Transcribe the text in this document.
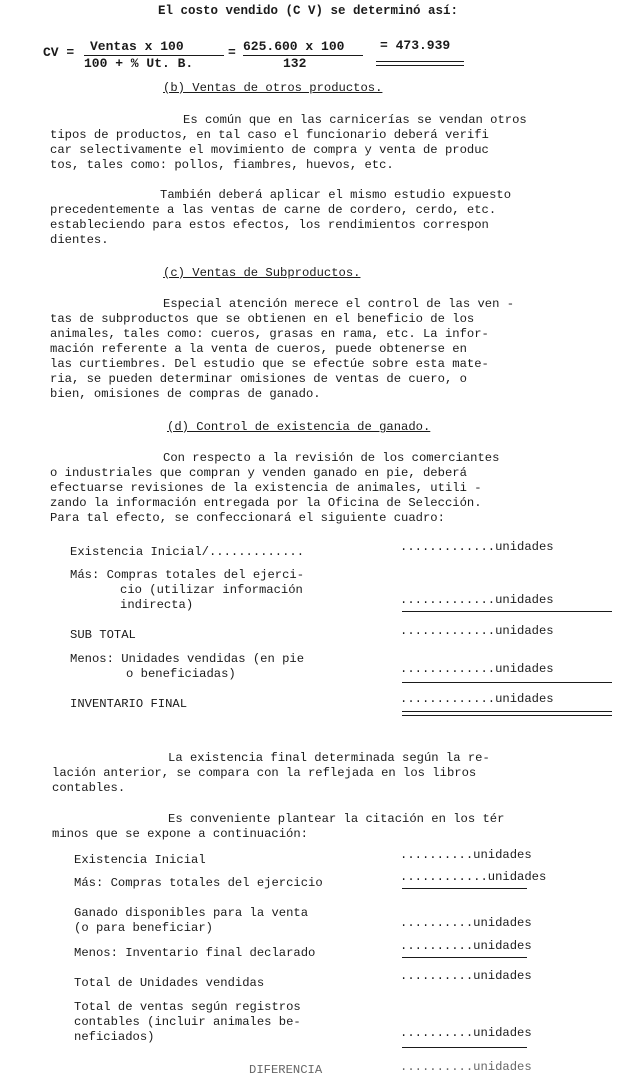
El costo vendido (C V) se determinó así:
CV = Ventas x 100
100 + % Ut. B.
= 625.600 x 100
132
= 473.939
(b) Ventas de otros productos.
Es común que en las carnicerías se vendan otros
tipos de productos, en tal caso el funcionario deberá verifi
car selectivamente el movimiento de compra y venta de produc
tos, tales como: pollos, fiambres, huevos, etc.
También deberá aplicar el mismo estudio expuesto
precedentemente a las ventas de carne de cordero, cerdo, etc.
estableciendo para estos efectos, los rendimientos correspon
dientes.
(c) Ventas de Subproductos.
Especial atención merece el control de las ven -
tas de subproductos que se obtienen en el beneficio de los
animales, tales como: cueros, grasas en rama, etc. La infor-
mación referente a la venta de cueros, puede obtenerse en
las curtiembres. Del estudio que se efectúe sobre esta mate-
ria, se pueden determinar omisiones de ventas de cuero, o
bien, omisiones de compras de ganado.
(d) Control de existencia de ganado.
Con respecto a la revisión de los comerciantes
o industriales que compran y venden ganado en pie, deberá
efectuarse revisiones de la existencia de animales, utili -
zando la información entregada por la Oficina de Selección.
Para tal efecto, se confeccionará el siguiente cuadro:
Existencia Inicial/.............	.............unidades
Más: Compras totales del ejerci-
cio (utilizar información
indirecta)	.............unidades
SUB TOTAL	.............unidades
Menos: Unidades vendidas (en pie
o beneficiadas)	.............unidades
INVENTARIO FINAL	.............unidades
La existencia final determinada según la re-
lación anterior, se compara con la reflejada en los libros
contables.
Es conveniente plantear la citación en los tér
minos que se expone a continuación:
Existencia Inicial	..........unidades
Más: Compras totales del ejercicio	............unidades
Ganado disponibles para la venta
(o para beneficiar)	..........unidades
Menos: Inventario final declarado	..........unidades
Total de Unidades vendidas	..........unidades
Total de ventas según registros
contables (incluir animales be-
neficiados)	..........unidades
DIFERENCIA	..........unidades
